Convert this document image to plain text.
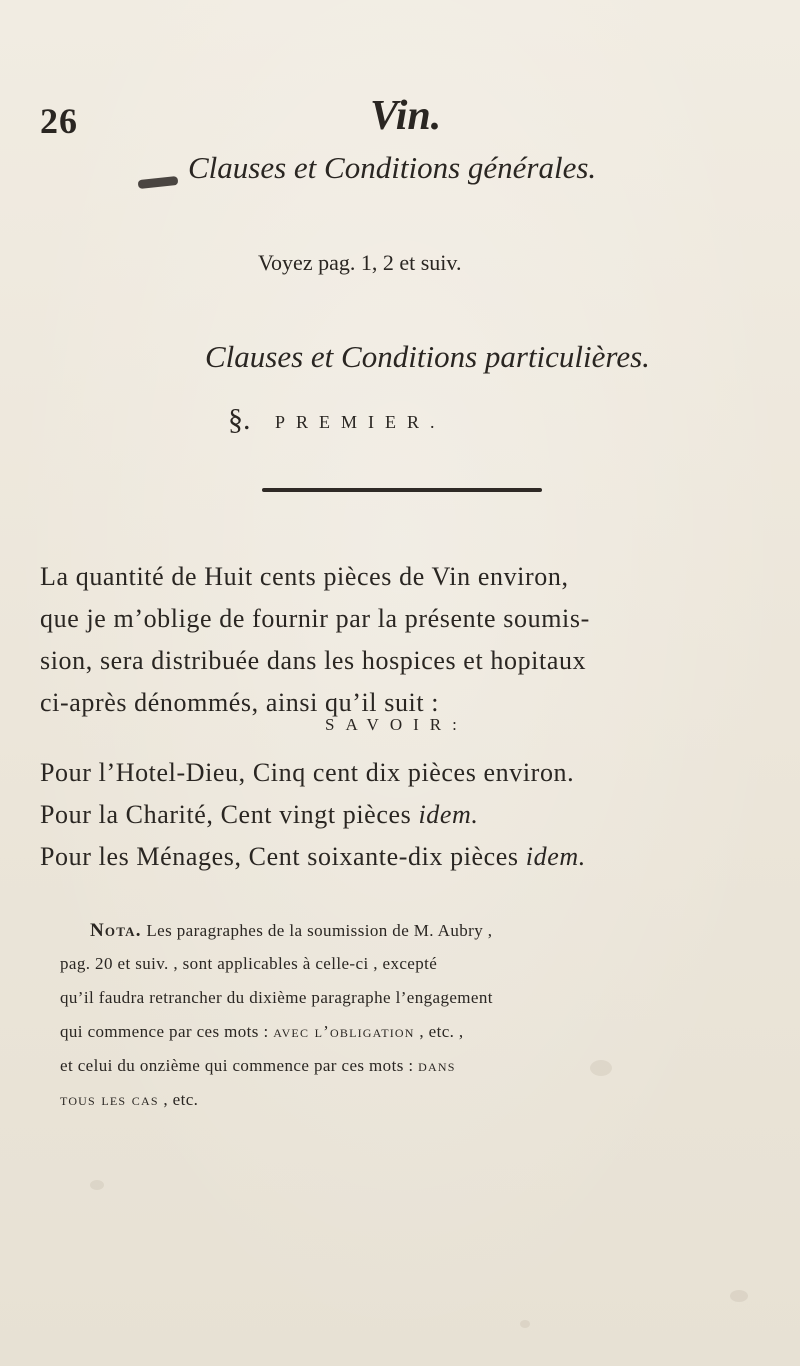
26	Vin.
Clauses et Conditions générales.
Voyez pag. 1, 2 et suiv.
Clauses et Conditions particulières.
§. PREMIER.
La quantité de Huit cents pièces de Vin environ,
que je m’oblige de fournir par la présente soumis-
sion, sera distribuée dans les hospices et hopitaux
ci-après dénommés, ainsi qu’il suit :
SAVOIR:
Pour l’Hotel-Dieu, Cinq cent dix pièces environ.
Pour la Charité, Cent vingt pièces idem.
Pour les Ménages, Cent soixante-dix pièces idem.
Nota. Les paragraphes de la soumission de M. Aubry ,
pag. 20 et suiv. , sont applicables à celle-ci , excepté
qu’il faudra retrancher du dixième paragraphe l’engagement
qui commence par ces mots : avec l’obligation , etc. ,
et celui du onzième qui commence par ces mots : dans
tous les cas , etc.
